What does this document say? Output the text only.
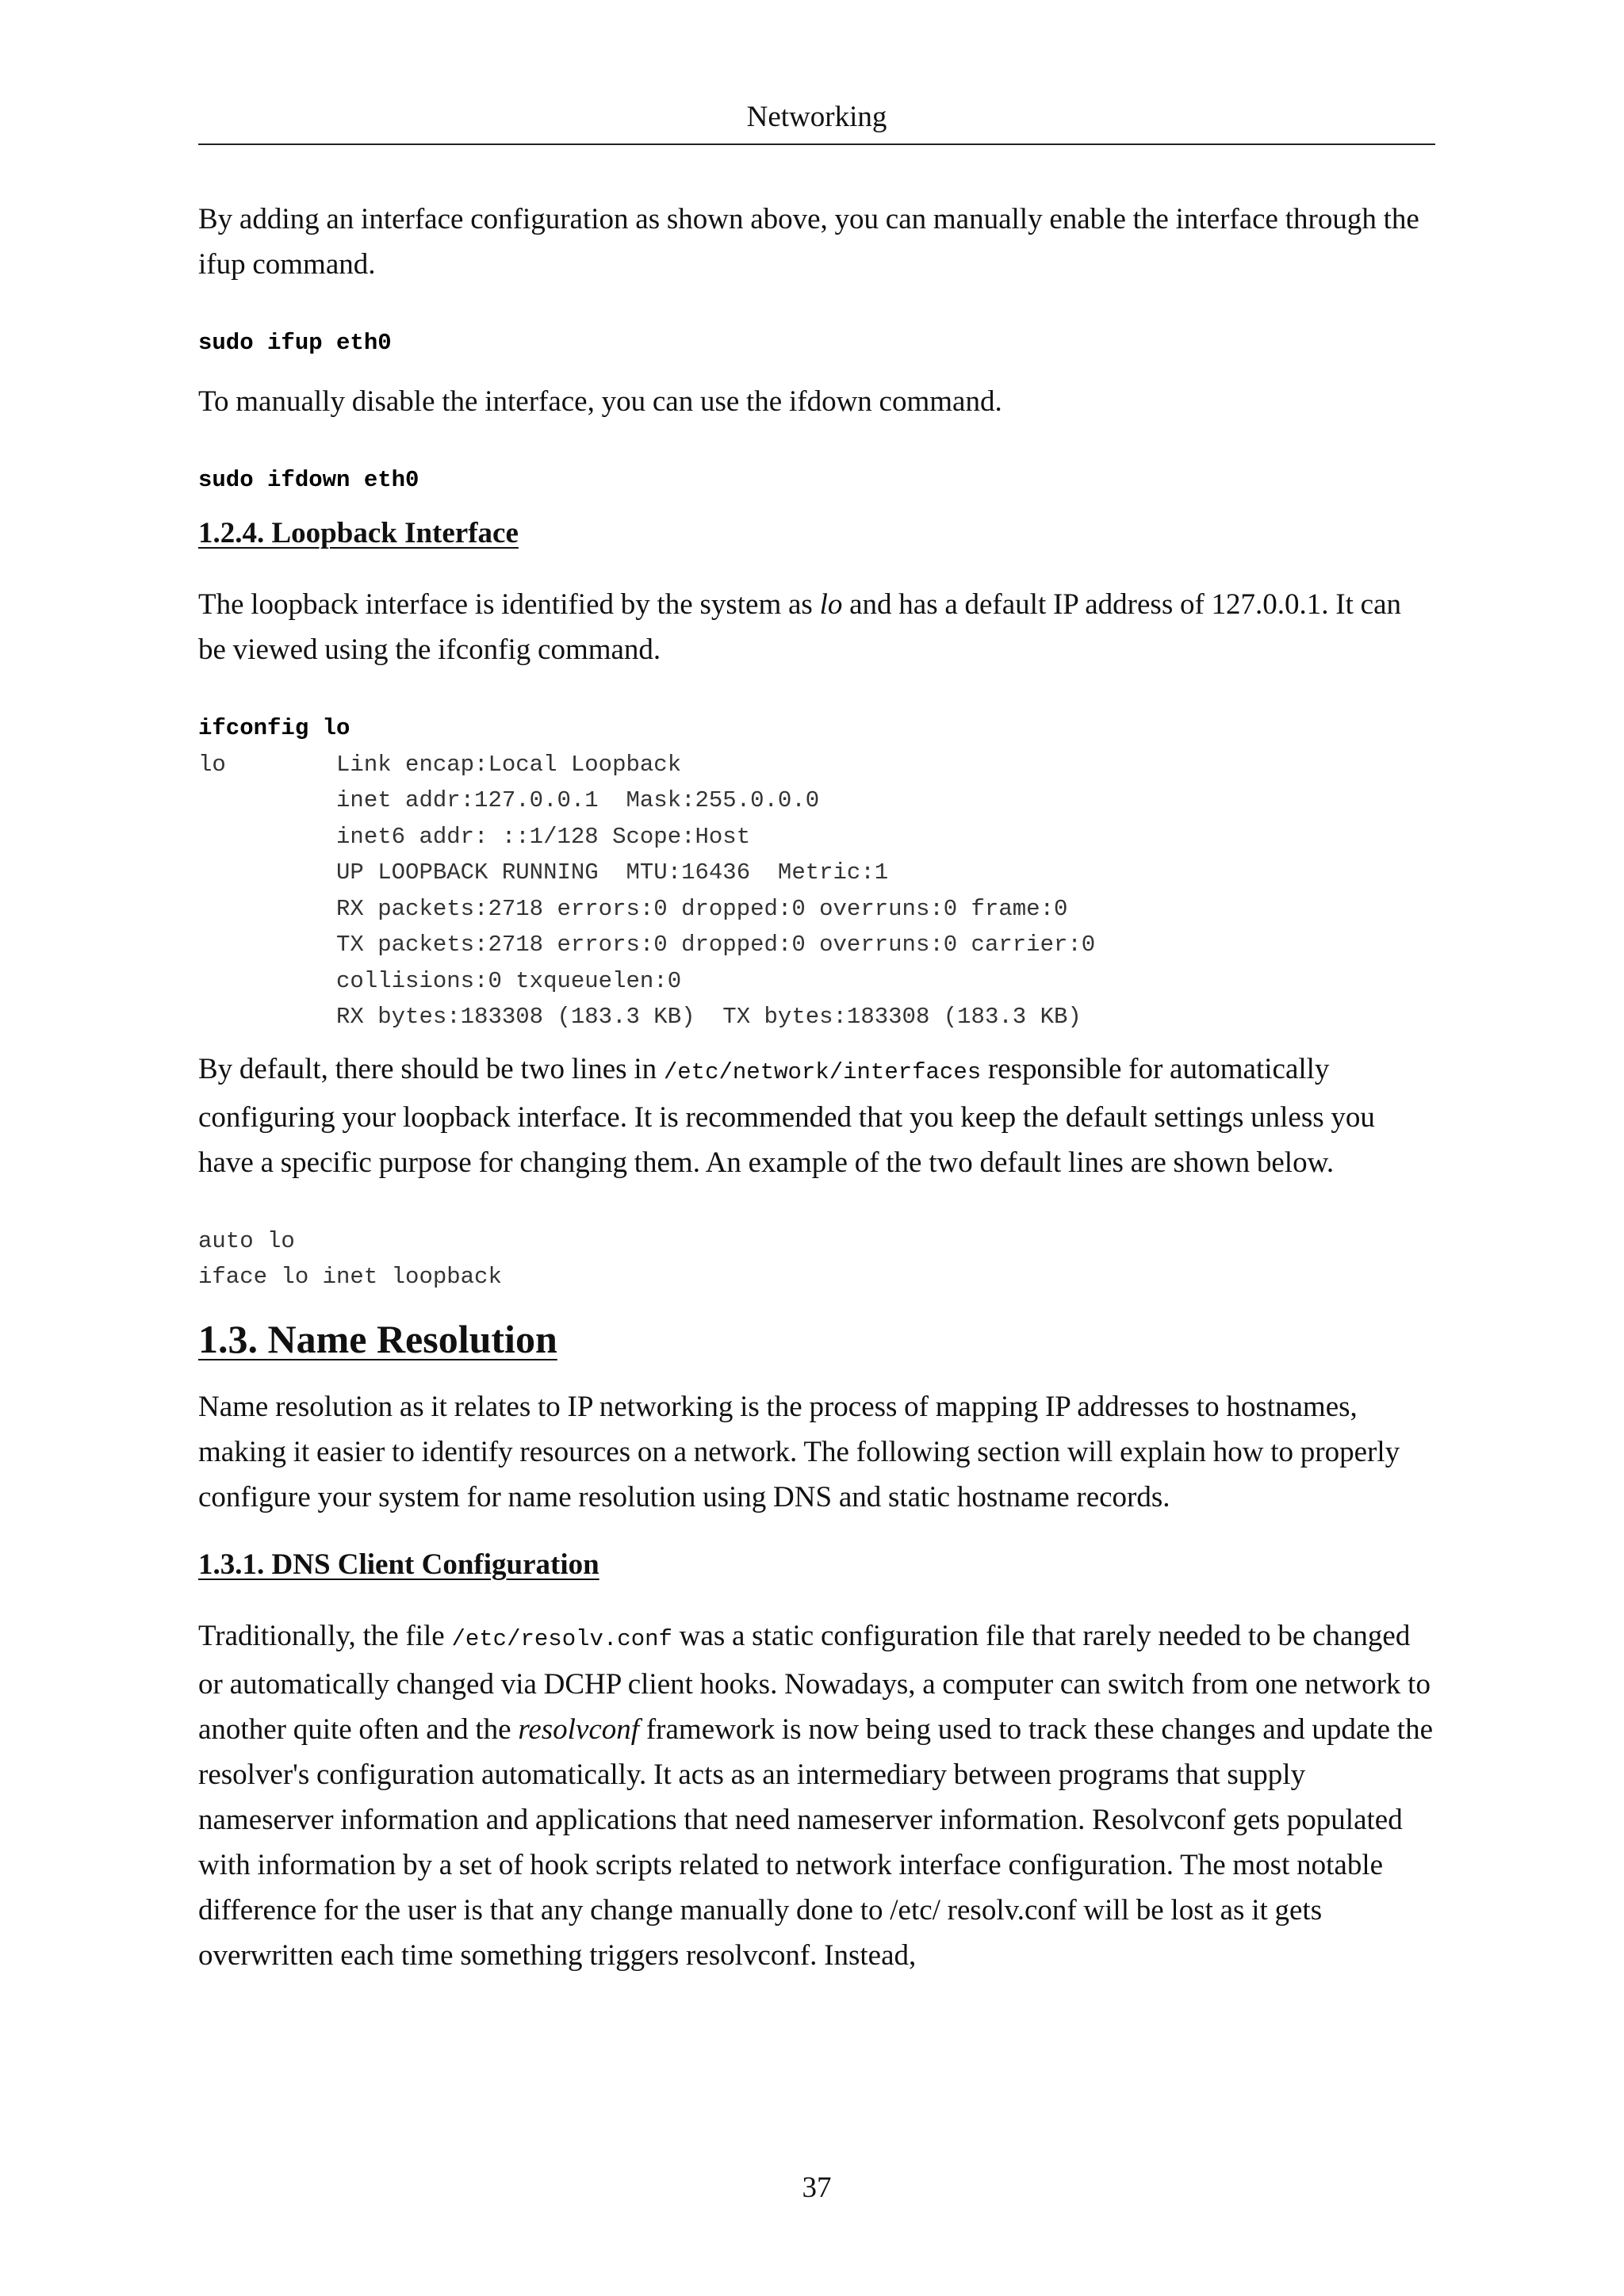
Networking

By adding an interface configuration as shown above, you can manually enable the interface through the ifup command.

sudo ifup eth0

To manually disable the interface, you can use the ifdown command.

sudo ifdown eth0
1.2.4. Loopback Interface

The loopback interface is identified by the system as lo and has a default IP address of 127.0.0.1. It can be viewed using the ifconfig command.

ifconfig lo
lo        Link encap:Local Loopback
inet addr:127.0.0.1  Mask:255.0.0.0
inet6 addr: ::1/128 Scope:Host
UP LOOPBACK RUNNING  MTU:16436  Metric:1
RX packets:2718 errors:0 dropped:0 overruns:0 frame:0
TX packets:2718 errors:0 dropped:0 overruns:0 carrier:0
collisions:0 txqueuelen:0
RX bytes:183308 (183.3 KB)  TX bytes:183308 (183.3 KB)

By default, there should be two lines in /etc/network/interfaces responsible for automatically configuring your loopback interface. It is recommended that you keep the default settings unless you have a specific purpose for changing them. An example of the two default lines are shown below.

auto lo
iface lo inet loopback
1.3. Name Resolution

Name resolution as it relates to IP networking is the process of mapping IP addresses to hostnames, making it easier to identify resources on a network. The following section will explain how to properly configure your system for name resolution using DNS and static hostname records.

1.3.1. DNS Client Configuration

Traditionally, the file /etc/resolv.conf was a static configuration file that rarely needed to be changed or automatically changed via DCHP client hooks. Nowadays, a computer can switch from one network to another quite often and the resolvconf framework is now being used to track these changes and update the resolver's configuration automatically. It acts as an intermediary between programs that supply nameserver information and applications that need nameserver information. Resolvconf gets populated with information by a set of hook scripts related to network interface configuration. The most notable difference for the user is that any change manually done to /etc/ resolv.conf will be lost as it gets overwritten each time something triggers resolvconf. Instead,

37
